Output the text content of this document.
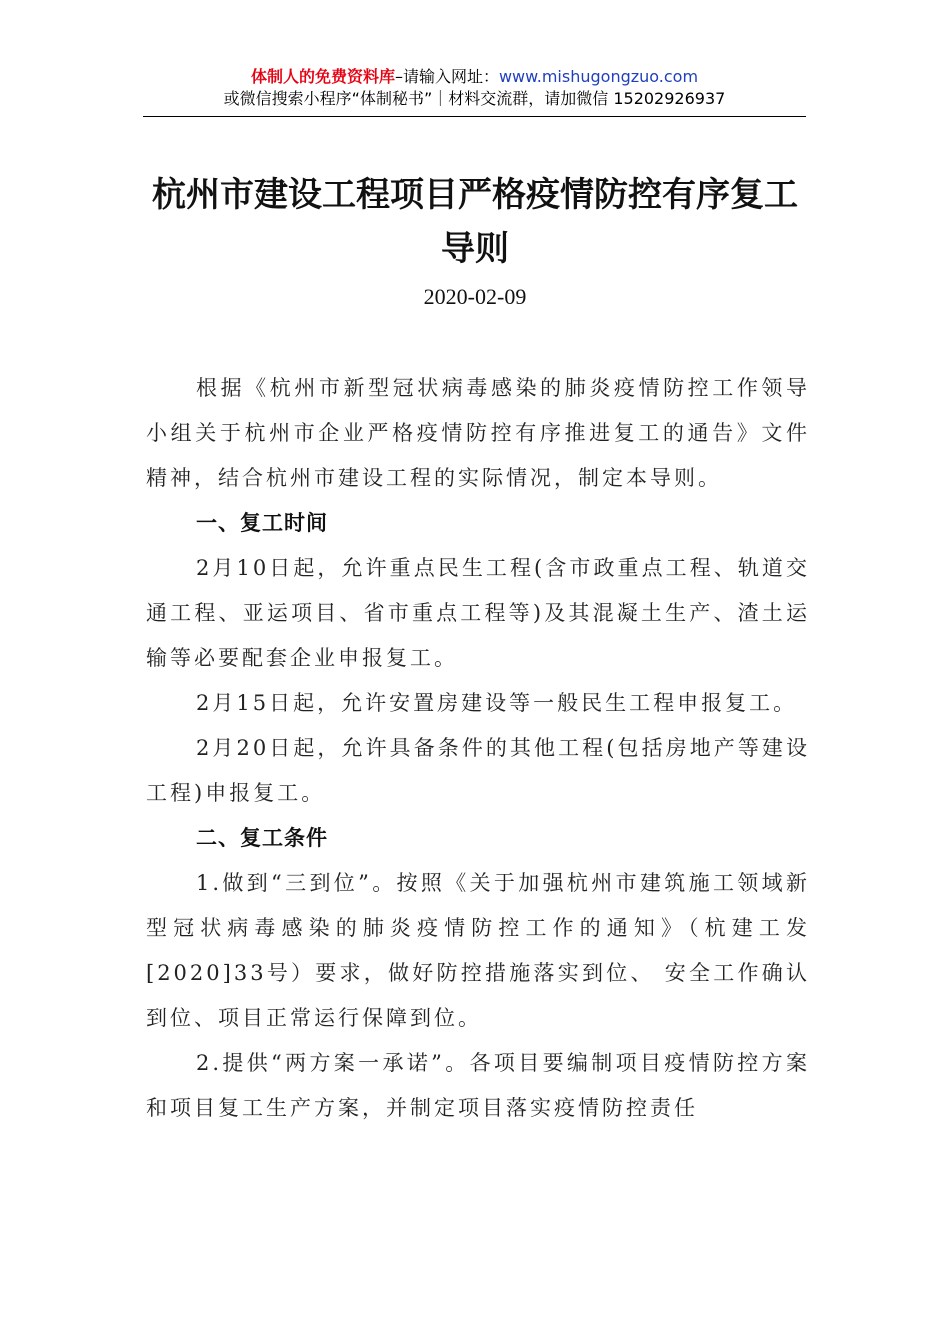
体制人的免费资料库–请输入网址：www.mishugongzuo.com
或微信搜索小程序“体制秘书”｜材料交流群，请加微信 15202926937
杭州市建设工程项目严格疫情防控有序复工导则
2020-02-09

根据《杭州市新型冠状病毒感染的肺炎疫情防控工作领导小组关于杭州市企业严格疫情防控有序推进复工的通告》文件精神，结合杭州市建设工程的实际情况，制定本导则。

一、复工时间

2月10日起，允许重点民生工程(含市政重点工程、轨道交通工程、亚运项目、省市重点工程等)及其混凝土生产、渣土运输等必要配套企业申报复工。

2月15日起，允许安置房建设等一般民生工程申报复工。

2月20日起，允许具备条件的其他工程(包括房地产等建设工程)申报复工。

二、复工条件

1.做到“三到位”。按照《关于加强杭州市建筑施工领域新型冠状病毒感染的肺炎疫情防控工作的通知》（杭建工发[2020]33号）要求，做好防控措施落实到位、 安全工作确认到位、项目正常运行保障到位。

2.提供“两方案一承诺”。各项目要编制项目疫情防控方案和项目复工生产方案，并制定项目落实疫情防控责任
